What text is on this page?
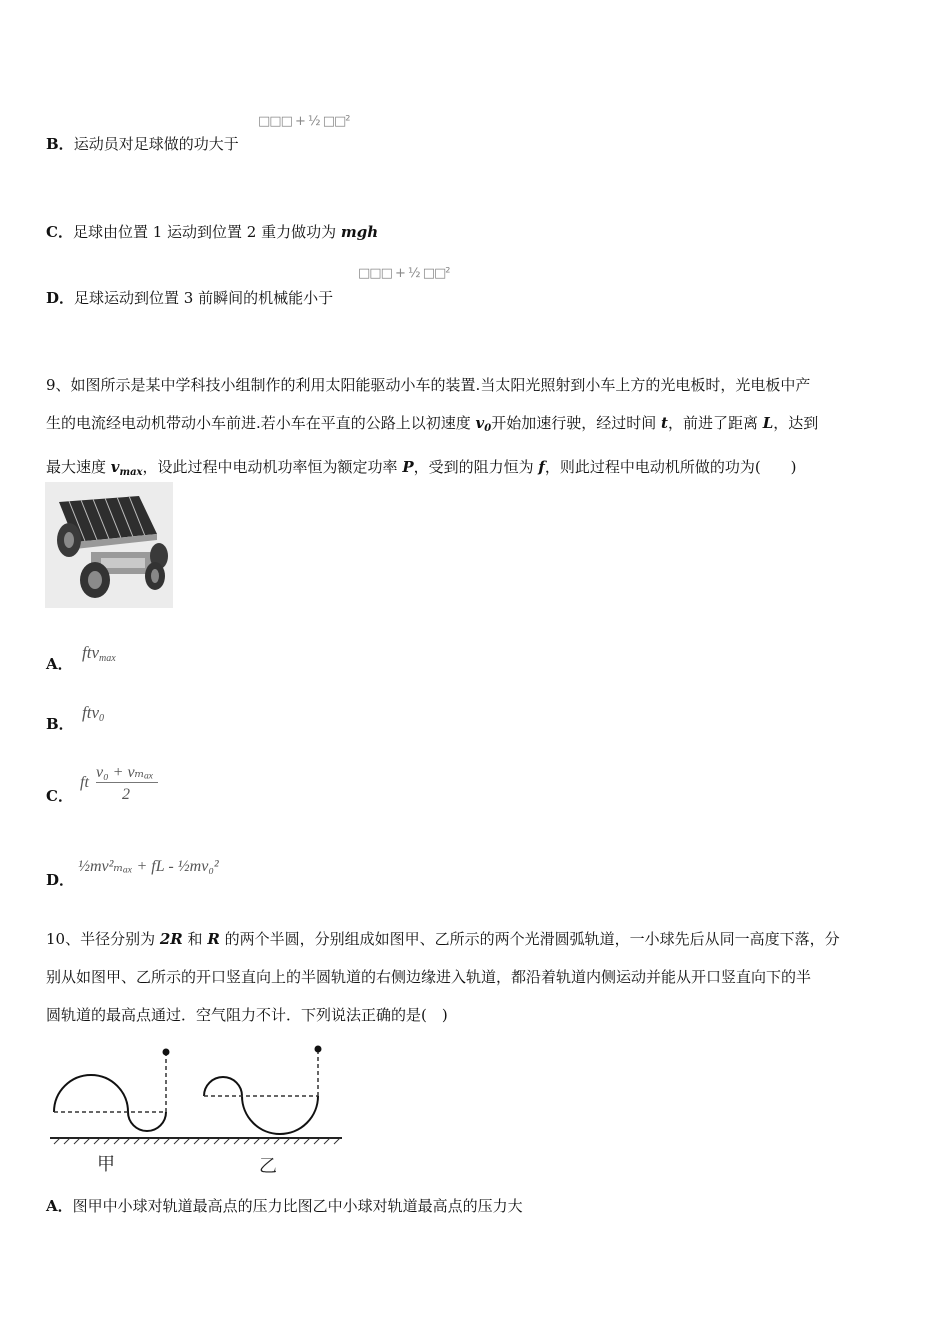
B．运动员对足球做的功大于
□□□ + ½ □□²
C．足球由位置 1 运动到位置 2 重力做功为 mgh
D．足球运动到位置 3 前瞬间的机械能小于
□□□ + ½ □□²
9、如图所示是某中学科技小组制作的利用太阳能驱动小车的装置.当太阳光照射到小车上方的光电板时，光电板中产
生的电流经电动机带动小车前进.若小车在平直的公路上以初速度 $v_0$开始加速行驶，经过时间 t，前进了距离 L，达到
最大速度 $v_{max}$，设此过程中电动机功率恒为额定功率 P，受到的阻力恒为 f，则此过程中电动机所做的功为(　　)
A．
ftv$_{max}$
B．
ftv$_0$
C．
ft
v₀ + vₘₐₓ
2
D．
½mv²ₘₐₓ + fL - ½mv₀²
10、半径分别为 2R 和 R 的两个半圆，分别组成如图甲、乙所示的两个光滑圆弧轨道，一小球先后从同一高度下落，分
别从如图甲、乙所示的开口竖直向上的半圆轨道的右侧边缘进入轨道，都沿着轨道内侧运动并能从开口竖直向下的半
圆轨道的最高点通过．空气阻力不计．下列说法正确的是(　)
甲	乙
A．图甲中小球对轨道最高点的压力比图乙中小球对轨道最高点的压力大
